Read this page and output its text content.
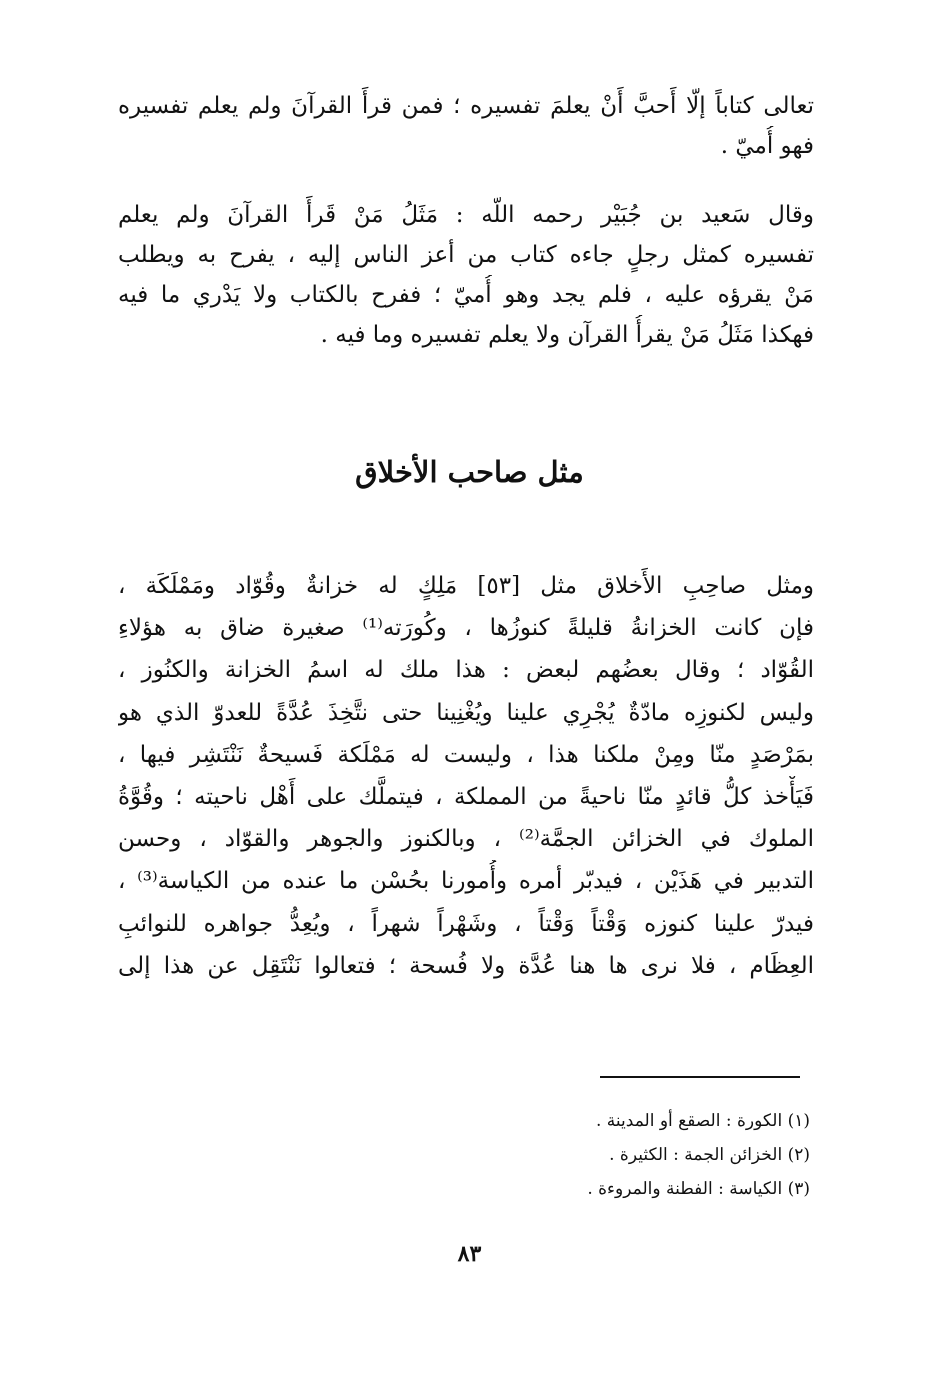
تعالى كتاباً إلّا أَحبَّ أَنْ يعلمَ تفسيره ؛ فمن قرأَ القرآنَ ولم يعلم تفسيره
فهو أُميّ .
وقال سَعيد بن جُبَيْر رحمه اللّه : مَثَلُ مَنْ قَرأَ القرآنَ ولم يعلم
تفسيره كمثل رجلٍ جاءه كتاب من أعز الناس إليه ، يفرح به ويطلب
مَنْ يقرؤه عليه ، فلم يجد وهو أُميّ ؛ ففرح بالكتاب ولا يَدْري ما فيه
فهكذا مَثَلُ مَنْ يقرأُ القرآن ولا يعلم تفسيره وما فيه .
مثل صاحب الأخلاق
ومثل صاحِبِ الأَخلاق مثل [٥٣] مَلِكٍ له خزانةٌ وقُوّاد ومَمْلَكَة ،
فإن كانت الخزانةُ قليلةً كنوزُها ، وكُورَته⁽¹⁾ صغيرة ضاق به هؤلاءِ
القُوّاد ؛ وقال بعضُهم لبعض : هذا ملك له اسمُ الخزانة والكنُوز ،
وليس لكنوزِه مادّةٌ يُجْرِي علينا ويُغْنِينا حتى نتَّخِذَ عُدَّةً للعدوّ الذي هو
بمَرْصَدٍ منّا ومِنْ ملكنا هذا ، وليست له مَمْلَكة فَسيحةٌ نَنْتَشِر فيها ،
فَيَأْخذ كلُّ قائدٍ منّا ناحيةً من المملكة ، فيتملَّك على أَهْل ناحيته ؛ وقُوَّةُ
الملوك في الخزائن الجمَّة⁽²⁾ ، وبالكنوز والجوهر والقوّاد ، وحسن
التدبير في هَذَيْن ، فيدبّر أمره وأُمورنا بحُسْن ما عنده من الكياسة⁽³⁾ ،
فيدرّ علينا كنوزه وَقْتاً وَقْتاً ، وشَهْراً شهراً ، ويُعِدُّ جواهره للنوائبِ
العِظَام ، فلا نرى ها هنا عُدَّة ولا فُسحة ؛ فتعالوا نَنْتَقِل عن هذا إلى
(١) الكورة : الصقع أو المدينة .
(٢) الخزائن الجمة : الكثيرة .
(٣) الكياسة : الفطنة والمروءة .
٨٣
